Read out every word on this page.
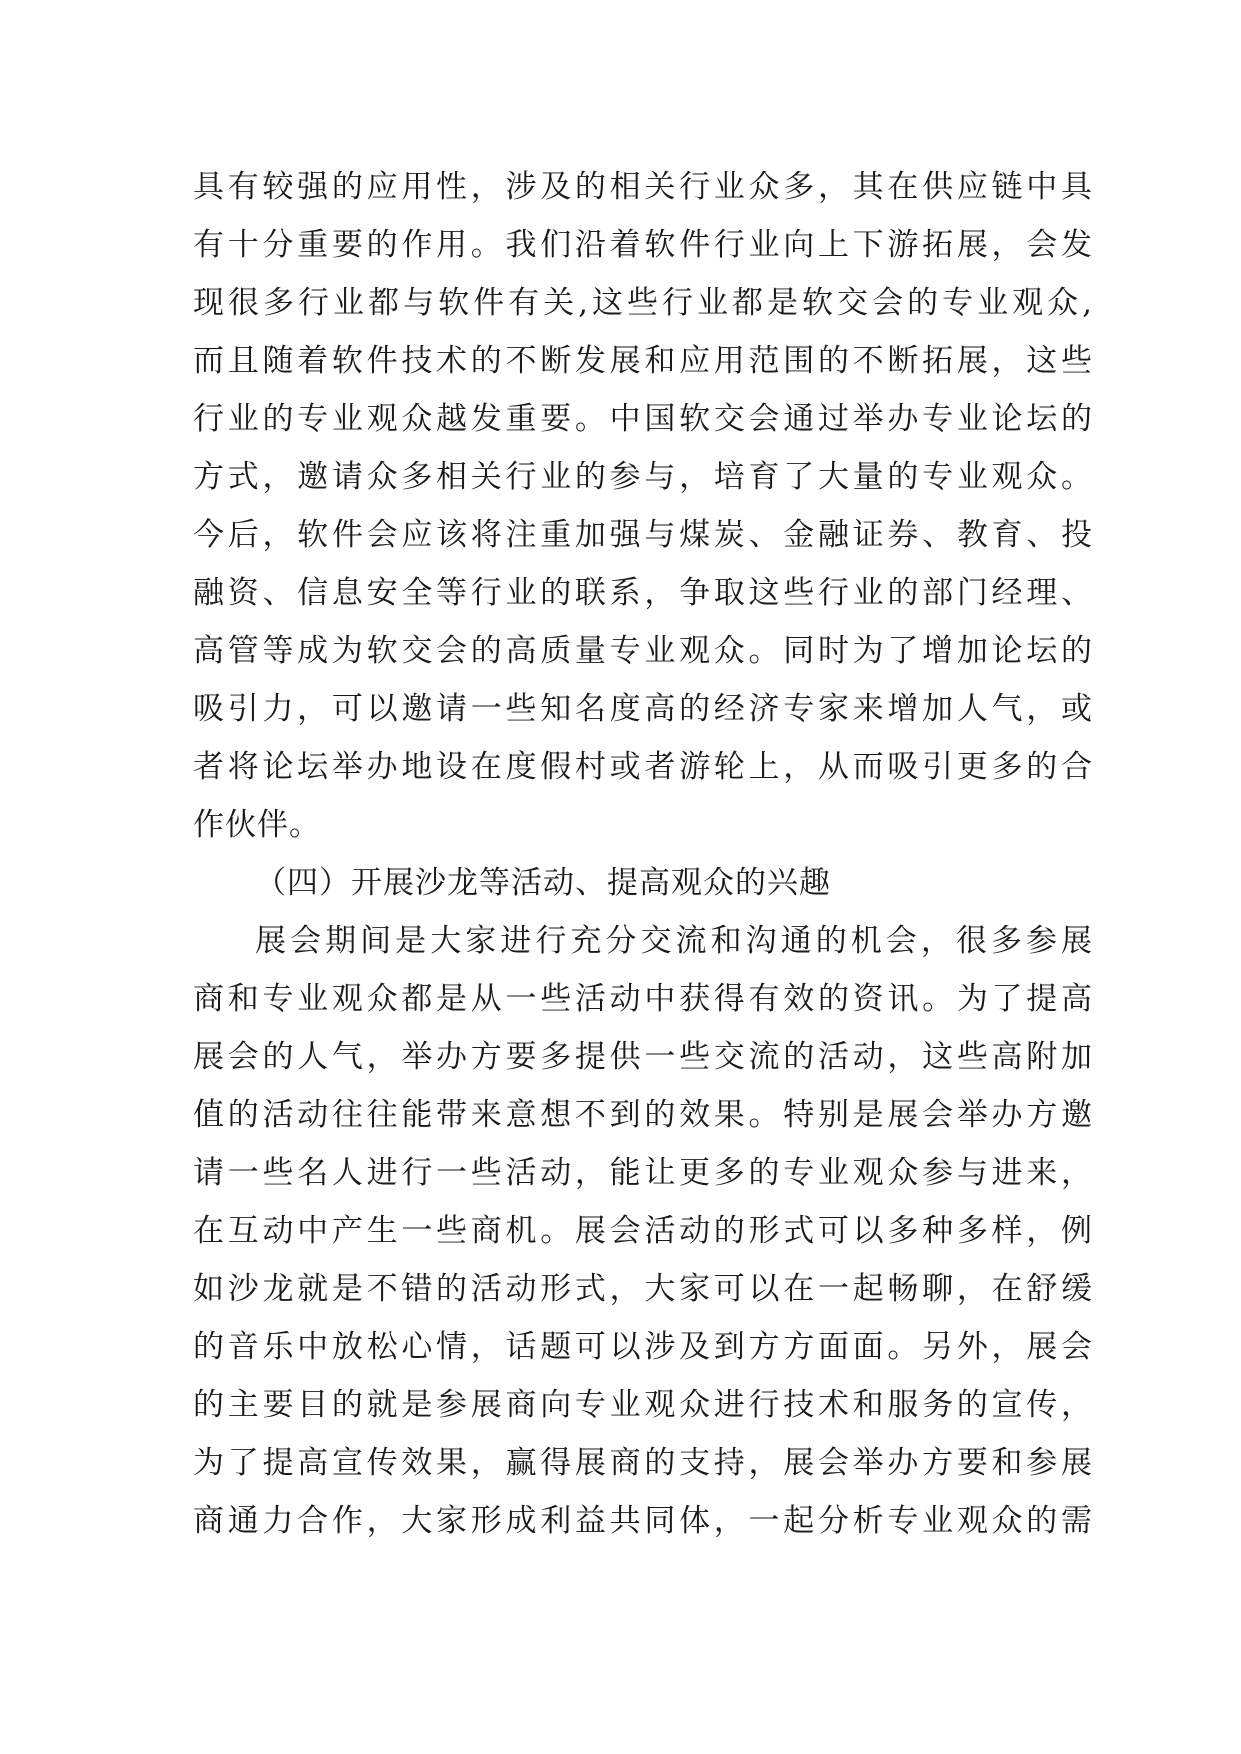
具有较强的应用性，涉及的相关行业众多，其在供应链中具
有十分重要的作用。我们沿着软件行业向上下游拓展，会发
现很多行业都与软件有关,这些行业都是软交会的专业观众,
而且随着软件技术的不断发展和应用范围的不断拓展，这些
行业的专业观众越发重要。中国软交会通过举办专业论坛的
方式，邀请众多相关行业的参与，培育了大量的专业观众。
今后，软件会应该将注重加强与煤炭、金融证券、教育、投
融资、信息安全等行业的联系，争取这些行业的部门经理、
高管等成为软交会的高质量专业观众。同时为了增加论坛的
吸引力，可以邀请一些知名度高的经济专家来增加人气，或
者将论坛举办地设在度假村或者游轮上，从而吸引更多的合
作伙伴。
（四）开展沙龙等活动、提高观众的兴趣
展会期间是大家进行充分交流和沟通的机会，很多参展
商和专业观众都是从一些活动中获得有效的资讯。为了提高
展会的人气，举办方要多提供一些交流的活动，这些高附加
值的活动往往能带来意想不到的效果。特别是展会举办方邀
请一些名人进行一些活动，能让更多的专业观众参与进来，
在互动中产生一些商机。展会活动的形式可以多种多样，例
如沙龙就是不错的活动形式，大家可以在一起畅聊，在舒缓
的音乐中放松心情，话题可以涉及到方方面面。另外，展会
的主要目的就是参展商向专业观众进行技术和服务的宣传，
为了提高宣传效果，赢得展商的支持，展会举办方要和参展
商通力合作，大家形成利益共同体，一起分析专业观众的需
